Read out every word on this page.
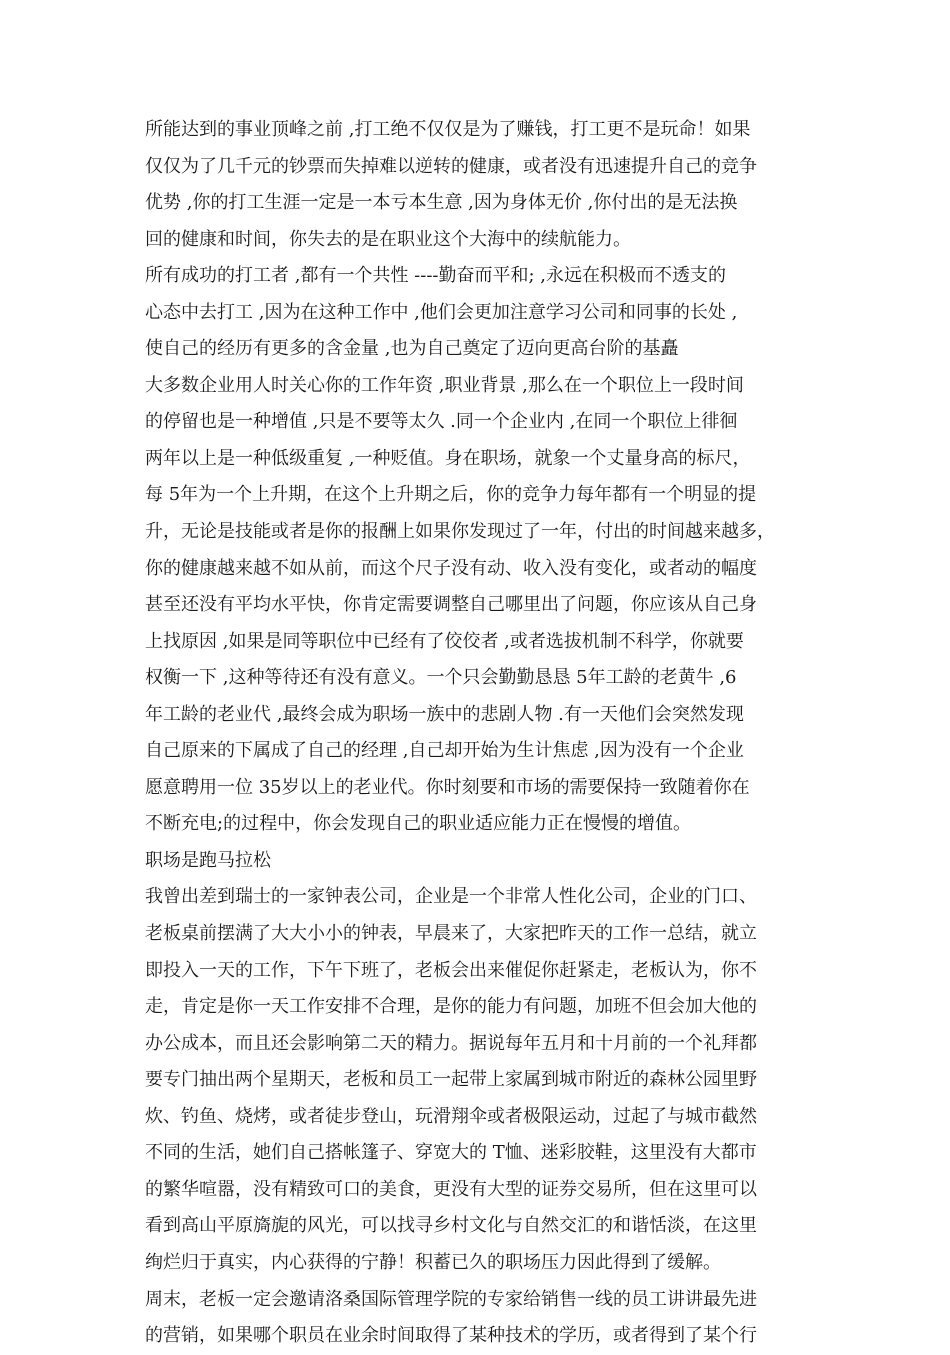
所能达到的事业顶峰之前 ,打工绝不仅仅是为了赚钱，打工更不是玩命！如果
仅仅为了几千元的钞票而失掉难以逆转的健康，或者没有迅速提升自己的竞争
优势 ,你的打工生涯一定是一本亏本生意 ,因为身体无价 ,你付出的是无法换
回的健康和时间，你失去的是在职业这个大海中的续航能力。
所有成功的打工者 ,都有一个共性 ----勤奋而平和; ,永远在积极而不透支的
心态中去打工 ,因为在这种工作中 ,他们会更加注意学习公司和同事的长处 ,
使自己的经历有更多的含金量 ,也为自己奠定了迈向更高台阶的基矗
大多数企业用人时关心你的工作年资 ,职业背景 ,那么在一个职位上一段时间
的停留也是一种增值 ,只是不要等太久 .同一个企业内 ,在同一个职位上徘徊
两年以上是一种低级重复 ,一种贬值。身在职场，就象一个丈量身高的标尺，
每 5年为一个上升期，在这个上升期之后，你的竞争力每年都有一个明显的提
升，无论是技能或者是你的报酬上如果你发现过了一年，付出的时间越来越多，
你的健康越来越不如从前，而这个尺子没有动、收入没有变化，或者动的幅度
甚至还没有平均水平快，你肯定需要调整自己哪里出了问题，你应该从自己身
上找原因 ,如果是同等职位中已经有了佼佼者 ,或者选拔机制不科学，你就要
权衡一下 ,这种等待还有没有意义。一个只会勤勤恳恳 5年工龄的老黄牛 ,6
年工龄的老业代 ,最终会成为职场一族中的悲剧人物 .有一天他们会突然发现
自己原来的下属成了自己的经理 ,自己却开始为生计焦虑 ,因为没有一个企业
愿意聘用一位 35岁以上的老业代。你时刻要和市场的需要保持一致随着你在
不断充电;的过程中，你会发现自己的职业适应能力正在慢慢的增值。
职场是跑马拉松
我曾出差到瑞士的一家钟表公司，企业是一个非常人性化公司，企业的门口、
老板桌前摆满了大大小小的钟表，早晨来了，大家把昨天的工作一总结，就立
即投入一天的工作，下午下班了，老板会出来催促你赶紧走，老板认为，你不
走，肯定是你一天工作安排不合理，是你的能力有问题，加班不但会加大他的
办公成本，而且还会影响第二天的精力。据说每年五月和十月前的一个礼拜都
要专门抽出两个星期天，老板和员工一起带上家属到城市附近的森林公园里野
炊、钓鱼、烧烤，或者徒步登山，玩滑翔伞或者极限运动，过起了与城市截然
不同的生活，她们自己搭帐篷子、穿宽大的 T恤、迷彩胶鞋，这里没有大都市
的繁华喧嚣，没有精致可口的美食，更没有大型的证券交易所，但在这里可以
看到高山平原旖旎的风光，可以找寻乡村文化与自然交汇的和谐恬淡，在这里
绚烂归于真实，内心获得的宁静！积蓄已久的职场压力因此得到了缓解。
周末，老板一定会邀请洛桑国际管理学院的专家给销售一线的员工讲讲最先进
的营销，如果哪个职员在业余时间取得了某种技术的学历，或者得到了某个行
